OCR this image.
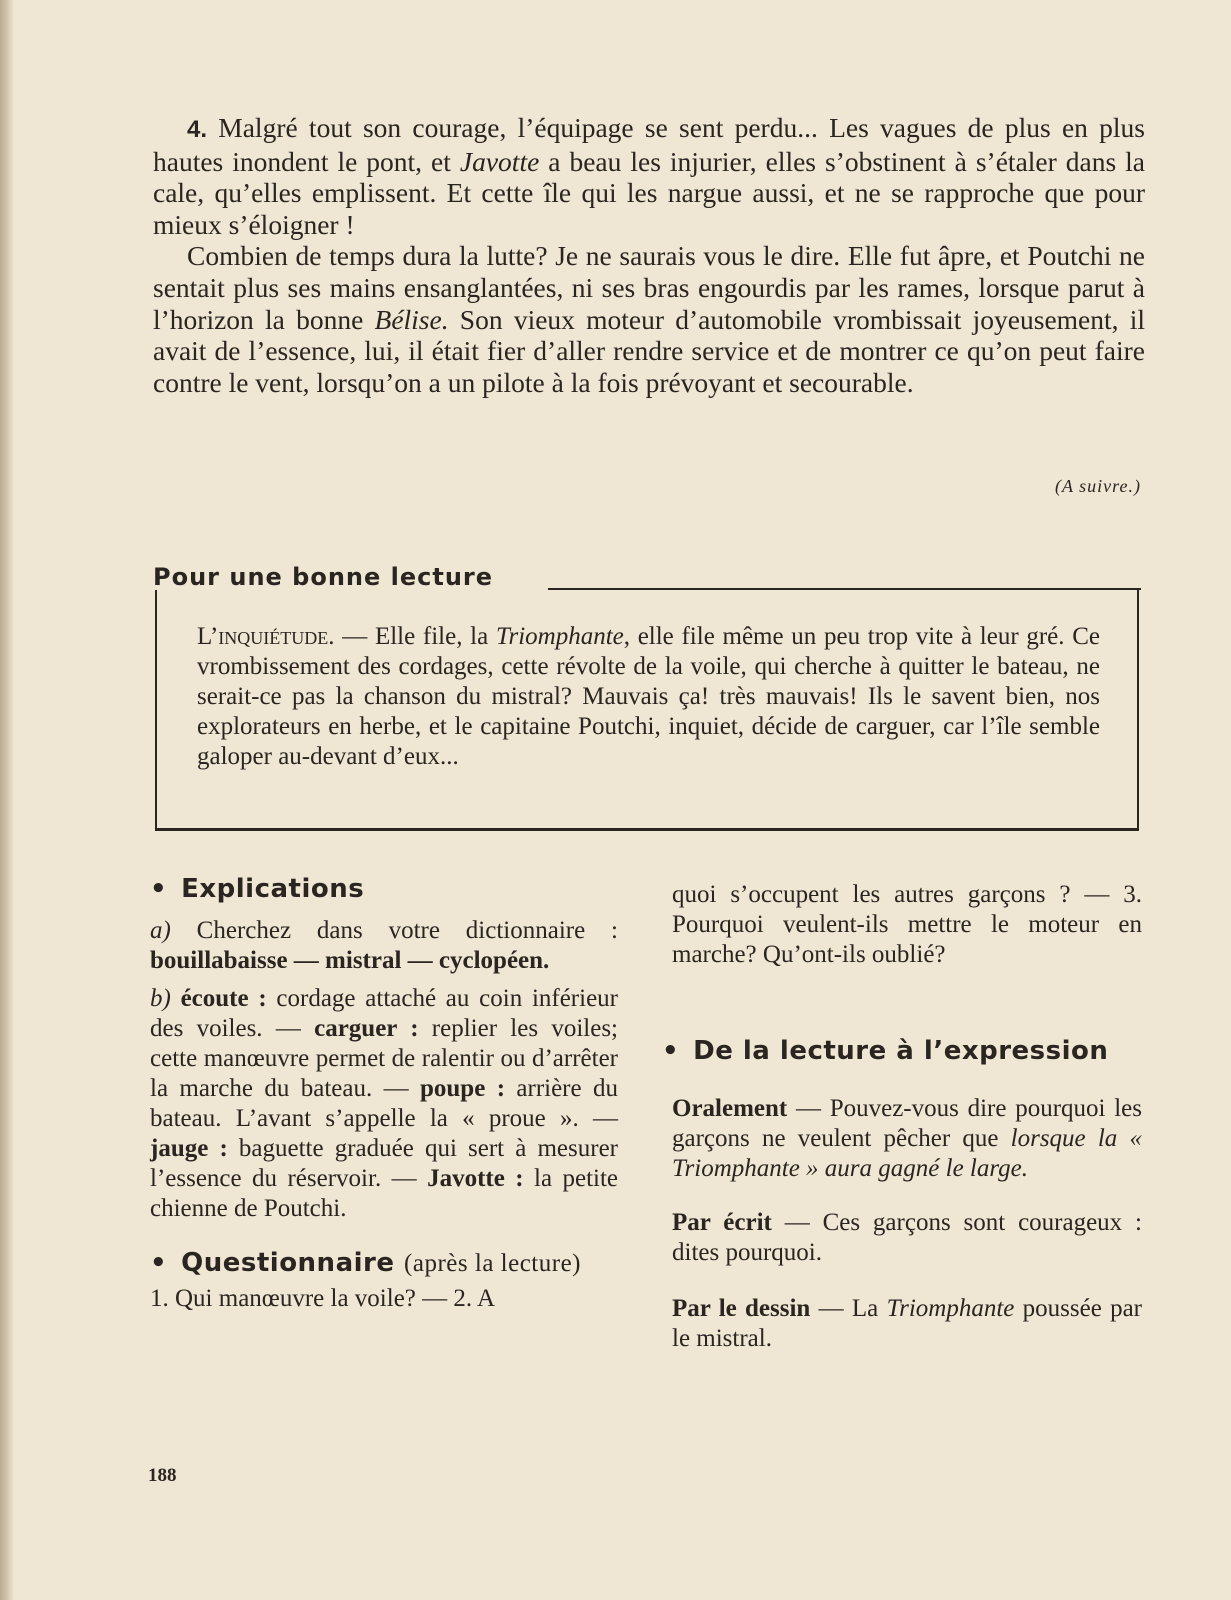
4. Malgré tout son courage, l’équipage se sent perdu... Les vagues de plus en plus hautes inondent le pont, et Javotte a beau les injurier, elles s’obstinent à s’étaler dans la cale, qu’elles emplissent. Et cette île qui les nargue aussi, et ne se rapproche que pour mieux s’éloigner !

Combien de temps dura la lutte? Je ne saurais vous le dire. Elle fut âpre, et Poutchi ne sentait plus ses mains ensanglantées, ni ses bras engourdis par les rames, lorsque parut à l’horizon la bonne Bélise. Son vieux moteur d’automobile vrombissait joyeusement, il avait de l’essence, lui, il était fier d’aller rendre service et de montrer ce qu’on peut faire contre le vent, lorsqu’on a un pilote à la fois prévoyant et secourable.

(A suivre.)
Pour une bonne lecture

L’inquiétude. — Elle file, la Triomphante, elle file même un peu trop vite à leur gré. Ce vrombissement des cordages, cette révolte de la voile, qui cherche à quitter le bateau, ne serait-ce pas la chanson du mistral? Mauvais ça! très mauvais! Ils le savent bien, nos explorateurs en herbe, et le capitaine Poutchi, inquiet, décide de carguer, car l’île semble galoper au-devant d’eux...

• Explications

a) Cherchez dans votre dictionnaire : bouillabaisse — mistral — cyclopéen.

b) écoute : cordage attaché au coin inférieur des voiles. — carguer : replier les voiles; cette manœuvre permet de ralentir ou d’arrêter la marche du bateau. — poupe : arrière du bateau. L’avant s’appelle la « proue ». — jauge : baguette graduée qui sert à mesurer l’essence du réservoir. — Javotte : la petite chienne de Poutchi.

• Questionnaire (après la lecture)

1. Qui manœuvre la voile? — 2. A

quoi s’occupent les autres garçons ? — 3. Pourquoi veulent-ils mettre le moteur en marche? Qu’ont-ils oublié?

• De la lecture à l’expression

Oralement — Pouvez-vous dire pourquoi les garçons ne veulent pêcher que lorsque la « Triomphante » aura gagné le large.

Par écrit — Ces garçons sont courageux : dites pourquoi.

Par le dessin — La Triomphante poussée par le mistral.

188
